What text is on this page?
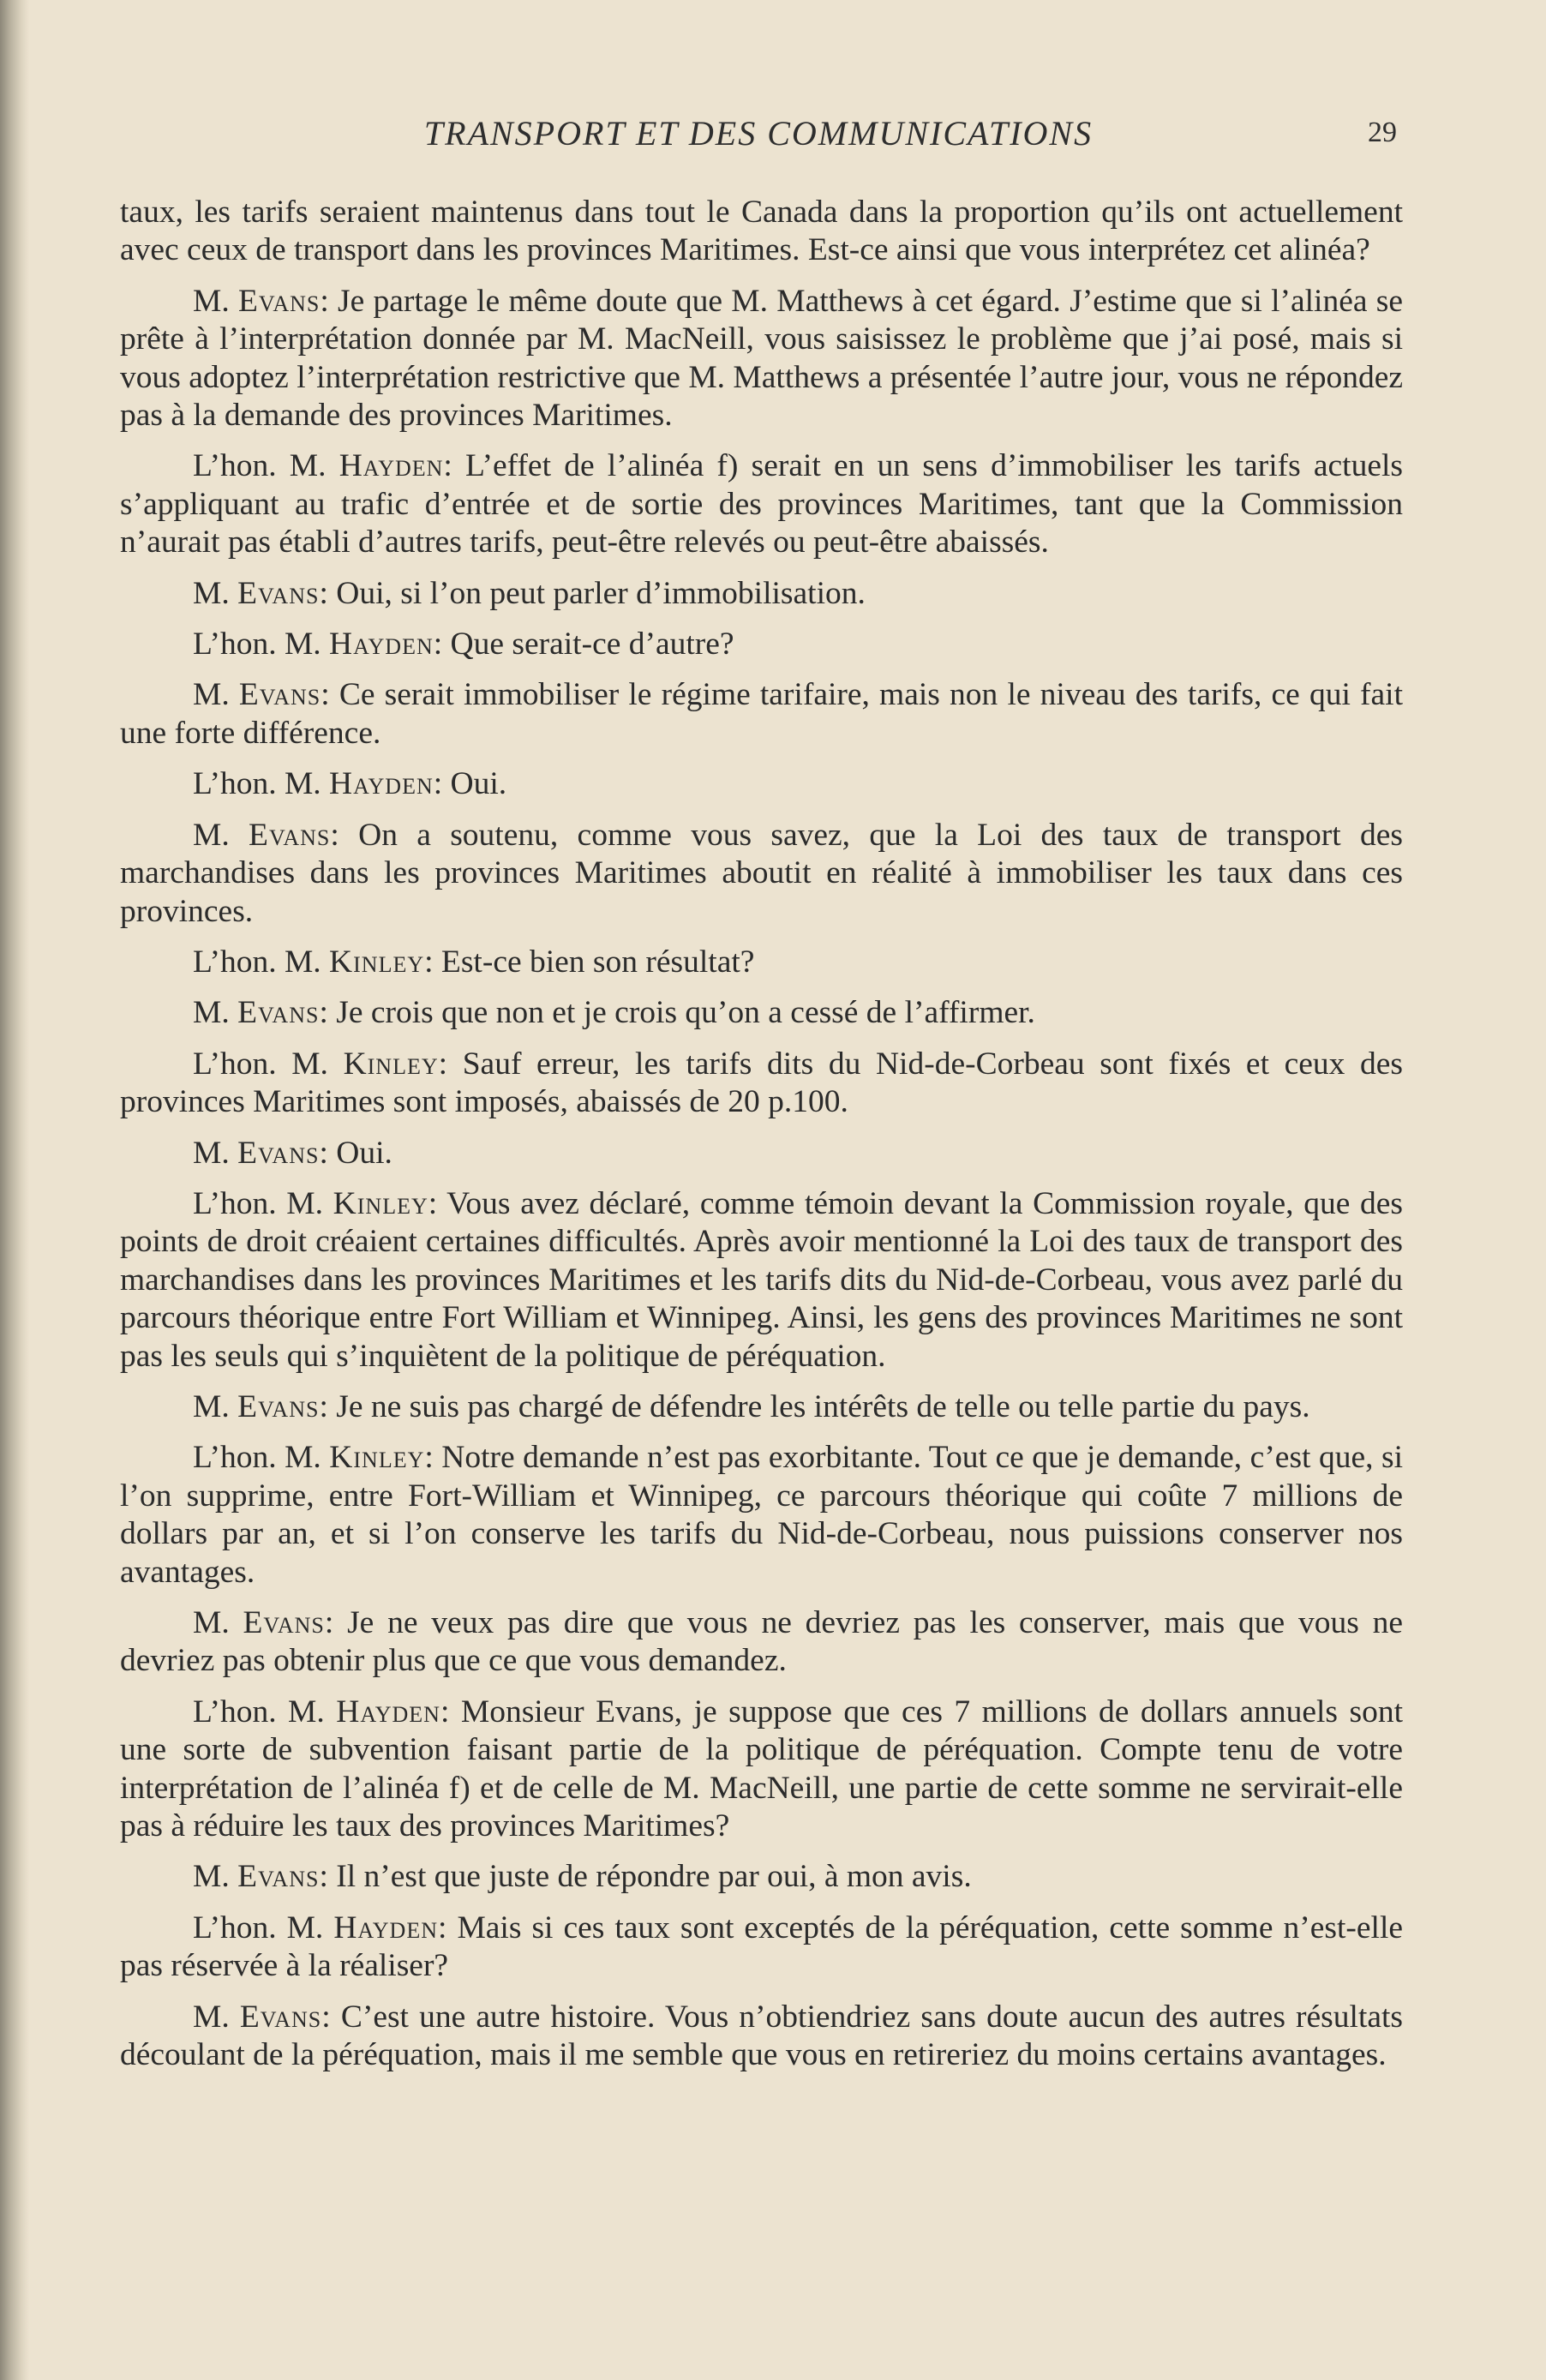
TRANSPORT ET DES COMMUNICATIONS	29

taux, les tarifs seraient maintenus dans tout le Canada dans la proportion qu’ils ont actuellement avec ceux de transport dans les provinces Maritimes. Est-ce ainsi que vous interprétez cet alinéa?

M. Evans: Je partage le même doute que M. Matthews à cet égard. J’estime que si l’alinéa se prête à l’interprétation donnée par M. MacNeill, vous saisissez le problème que j’ai posé, mais si vous adoptez l’interprétation restrictive que M. Matthews a présentée l’autre jour, vous ne répondez pas à la demande des provinces Maritimes.

L’hon. M. Hayden: L’effet de l’alinéa f) serait en un sens d’immobiliser les tarifs actuels s’appliquant au trafic d’entrée et de sortie des provinces Maritimes, tant que la Commission n’aurait pas établi d’autres tarifs, peut-être relevés ou peut-être abaissés.

M. Evans: Oui, si l’on peut parler d’immobilisation.

L’hon. M. Hayden: Que serait-ce d’autre?

M. Evans: Ce serait immobiliser le régime tarifaire, mais non le niveau des tarifs, ce qui fait une forte différence.

L’hon. M. Hayden: Oui.

M. Evans: On a soutenu, comme vous savez, que la Loi des taux de transport des marchandises dans les provinces Maritimes aboutit en réalité à immobiliser les taux dans ces provinces.

L’hon. M. Kinley: Est-ce bien son résultat?

M. Evans: Je crois que non et je crois qu’on a cessé de l’affirmer.

L’hon. M. Kinley: Sauf erreur, les tarifs dits du Nid-de-Corbeau sont fixés et ceux des provinces Maritimes sont imposés, abaissés de 20 p.100.

M. Evans: Oui.

L’hon. M. Kinley: Vous avez déclaré, comme témoin devant la Commission royale, que des points de droit créaient certaines difficultés. Après avoir mentionné la Loi des taux de transport des marchandises dans les provinces Maritimes et les tarifs dits du Nid-de-Corbeau, vous avez parlé du parcours théorique entre Fort William et Winnipeg. Ainsi, les gens des provinces Maritimes ne sont pas les seuls qui s’inquiètent de la politique de péréquation.

M. Evans: Je ne suis pas chargé de défendre les intérêts de telle ou telle partie du pays.

L’hon. M. Kinley: Notre demande n’est pas exorbitante. Tout ce que je demande, c’est que, si l’on supprime, entre Fort-William et Winnipeg, ce parcours théorique qui coûte 7 millions de dollars par an, et si l’on conserve les tarifs du Nid-de-Corbeau, nous puissions conserver nos avantages.

M. Evans: Je ne veux pas dire que vous ne devriez pas les conserver, mais que vous ne devriez pas obtenir plus que ce que vous demandez.

L’hon. M. Hayden: Monsieur Evans, je suppose que ces 7 millions de dollars annuels sont une sorte de subvention faisant partie de la politique de péréquation. Compte tenu de votre interprétation de l’alinéa f) et de celle de M. MacNeill, une partie de cette somme ne servirait-elle pas à réduire les taux des provinces Maritimes?

M. Evans: Il n’est que juste de répondre par oui, à mon avis.

L’hon. M. Hayden: Mais si ces taux sont exceptés de la péréquation, cette somme n’est-elle pas réservée à la réaliser?

M. Evans: C’est une autre histoire. Vous n’obtiendriez sans doute aucun des autres résultats découlant de la péréquation, mais il me semble que vous en retireriez du moins certains avantages.
